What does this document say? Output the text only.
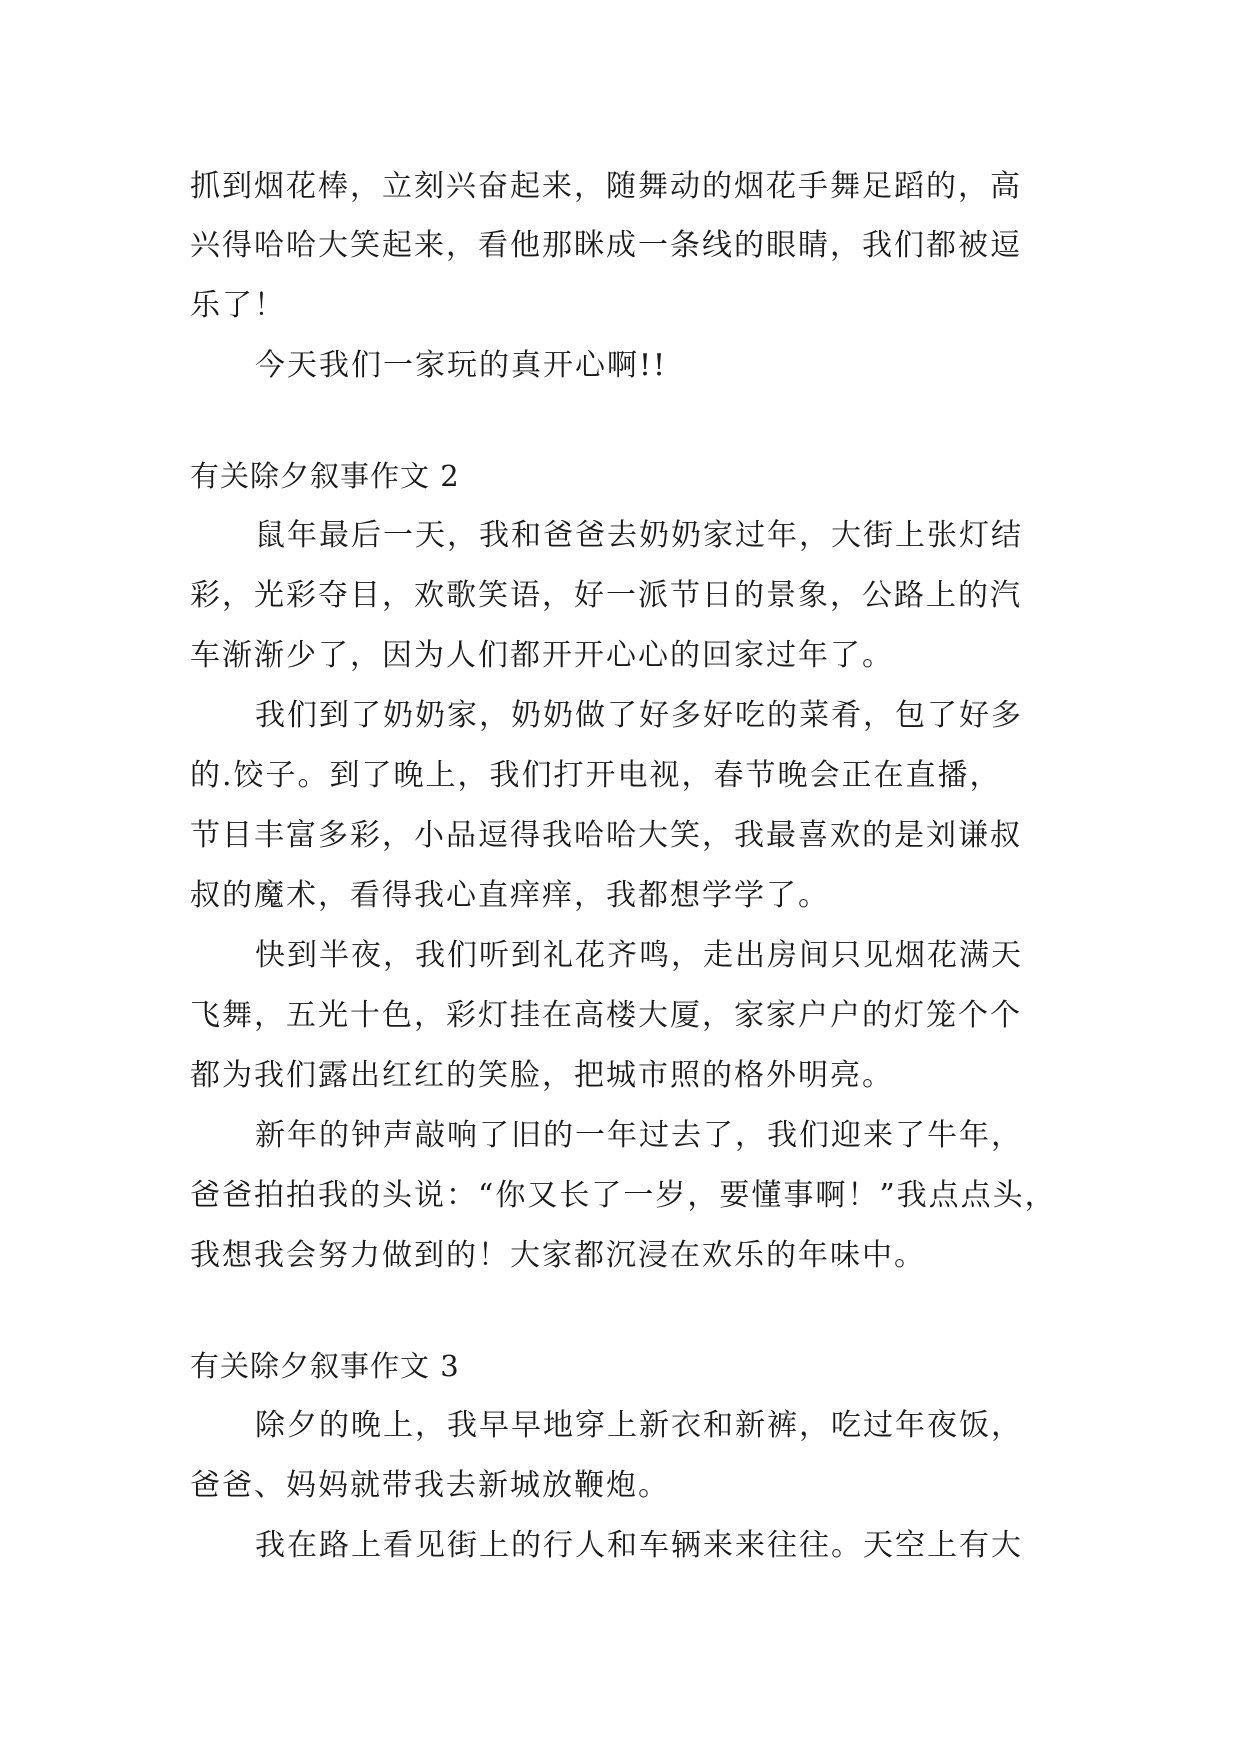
抓到烟花棒，立刻兴奋起来，随舞动的烟花手舞足蹈的，高
兴得哈哈大笑起来，看他那眯成一条线的眼睛，我们都被逗
乐了！
今天我们一家玩的真开心啊!!
有关除夕叙事作文 2
鼠年最后一天，我和爸爸去奶奶家过年，大街上张灯结
彩，光彩夺目，欢歌笑语，好一派节日的景象，公路上的汽
车渐渐少了，因为人们都开开心心的回家过年了。
我们到了奶奶家，奶奶做了好多好吃的菜肴，包了好多
的.饺子。到了晚上，我们打开电视，春节晚会正在直播，
节目丰富多彩，小品逗得我哈哈大笑，我最喜欢的是刘谦叔
叔的魔术，看得我心直痒痒，我都想学学了。
快到半夜，我们听到礼花齐鸣，走出房间只见烟花满天
飞舞，五光十色，彩灯挂在高楼大厦，家家户户的灯笼个个
都为我们露出红红的笑脸，把城市照的格外明亮。
新年的钟声敲响了旧的一年过去了，我们迎来了牛年，
爸爸拍拍我的头说：“你又长了一岁，要懂事啊！”我点点头，
我想我会努力做到的！大家都沉浸在欢乐的年味中。
有关除夕叙事作文 3
除夕的晚上，我早早地穿上新衣和新裤，吃过年夜饭，
爸爸、妈妈就带我去新城放鞭炮。
我在路上看见街上的行人和车辆来来往往。天空上有大
